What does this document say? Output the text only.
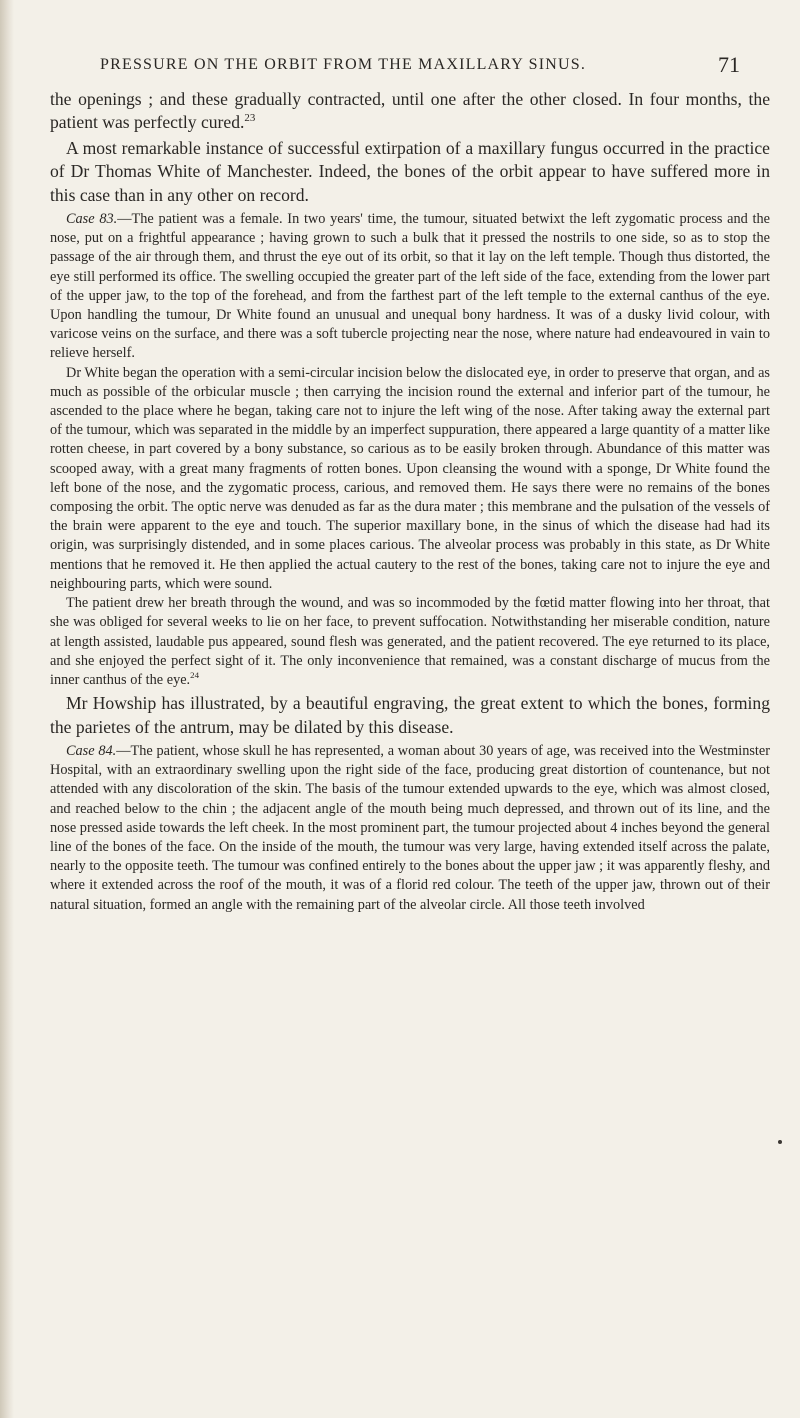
PRESSURE ON THE ORBIT FROM THE MAXILLARY SINUS.	71

the openings ; and these gradually contracted, until one after the other closed. In four months, the patient was perfectly cured.$^{23}$

A most remarkable instance of successful extirpation of a maxillary fungus occurred in the practice of Dr Thomas White of Manchester. Indeed, the bones of the orbit appear to have suffered more in this case than in any other on record.

Case 83.—The patient was a female. In two years' time, the tumour, situated betwixt the left zygomatic process and the nose, put on a frightful appearance ; having grown to such a bulk that it pressed the nostrils to one side, so as to stop the passage of the air through them, and thrust the eye out of its orbit, so that it lay on the left temple. Though thus distorted, the eye still performed its office. The swelling occupied the greater part of the left side of the face, extending from the lower part of the upper jaw, to the top of the forehead, and from the farthest part of the left temple to the external canthus of the eye. Upon handling the tumour, Dr White found an unusual and unequal bony hardness. It was of a dusky livid colour, with varicose veins on the surface, and there was a soft tubercle projecting near the nose, where nature had endeavoured in vain to relieve herself.

Dr White began the operation with a semi-circular incision below the dislocated eye, in order to preserve that organ, and as much as possible of the orbicular muscle ; then carrying the incision round the external and inferior part of the tumour, he ascended to the place where he began, taking care not to injure the left wing of the nose. After taking away the external part of the tumour, which was separated in the middle by an imperfect suppuration, there appeared a large quantity of a matter like rotten cheese, in part covered by a bony substance, so carious as to be easily broken through. Abundance of this matter was scooped away, with a great many fragments of rotten bones. Upon cleansing the wound with a sponge, Dr White found the left bone of the nose, and the zygomatic process, carious, and removed them. He says there were no remains of the bones composing the orbit. The optic nerve was denuded as far as the dura mater ; this membrane and the pulsation of the vessels of the brain were apparent to the eye and touch. The superior maxillary bone, in the sinus of which the disease had had its origin, was surprisingly distended, and in some places carious. The alveolar process was probably in this state, as Dr White mentions that he removed it. He then applied the actual cautery to the rest of the bones, taking care not to injure the eye and neighbouring parts, which were sound.

The patient drew her breath through the wound, and was so incommoded by the fœtid matter flowing into her throat, that she was obliged for several weeks to lie on her face, to prevent suffocation. Notwithstanding her miserable condition, nature at length assisted, laudable pus appeared, sound flesh was generated, and the patient recovered. The eye returned to its place, and she enjoyed the perfect sight of it. The only inconvenience that remained, was a constant discharge of mucus from the inner canthus of the eye.$^{24}$

Mr Howship has illustrated, by a beautiful engraving, the great extent to which the bones, forming the parietes of the antrum, may be dilated by this disease.

Case 84.—The patient, whose skull he has represented, a woman about 30 years of age, was received into the Westminster Hospital, with an extraordinary swelling upon the right side of the face, producing great distortion of countenance, but not attended with any discoloration of the skin. The basis of the tumour extended upwards to the eye, which was almost closed, and reached below to the chin ; the adjacent angle of the mouth being much depressed, and thrown out of its line, and the nose pressed aside towards the left cheek. In the most prominent part, the tumour projected about 4 inches beyond the general line of the bones of the face. On the inside of the mouth, the tumour was very large, having extended itself across the palate, nearly to the opposite teeth. The tumour was confined entirely to the bones about the upper jaw ; it was apparently fleshy, and where it extended across the roof of the mouth, it was of a florid red colour. The teeth of the upper jaw, thrown out of their natural situation, formed an angle with the remaining part of the alveolar circle. All those teeth involved
